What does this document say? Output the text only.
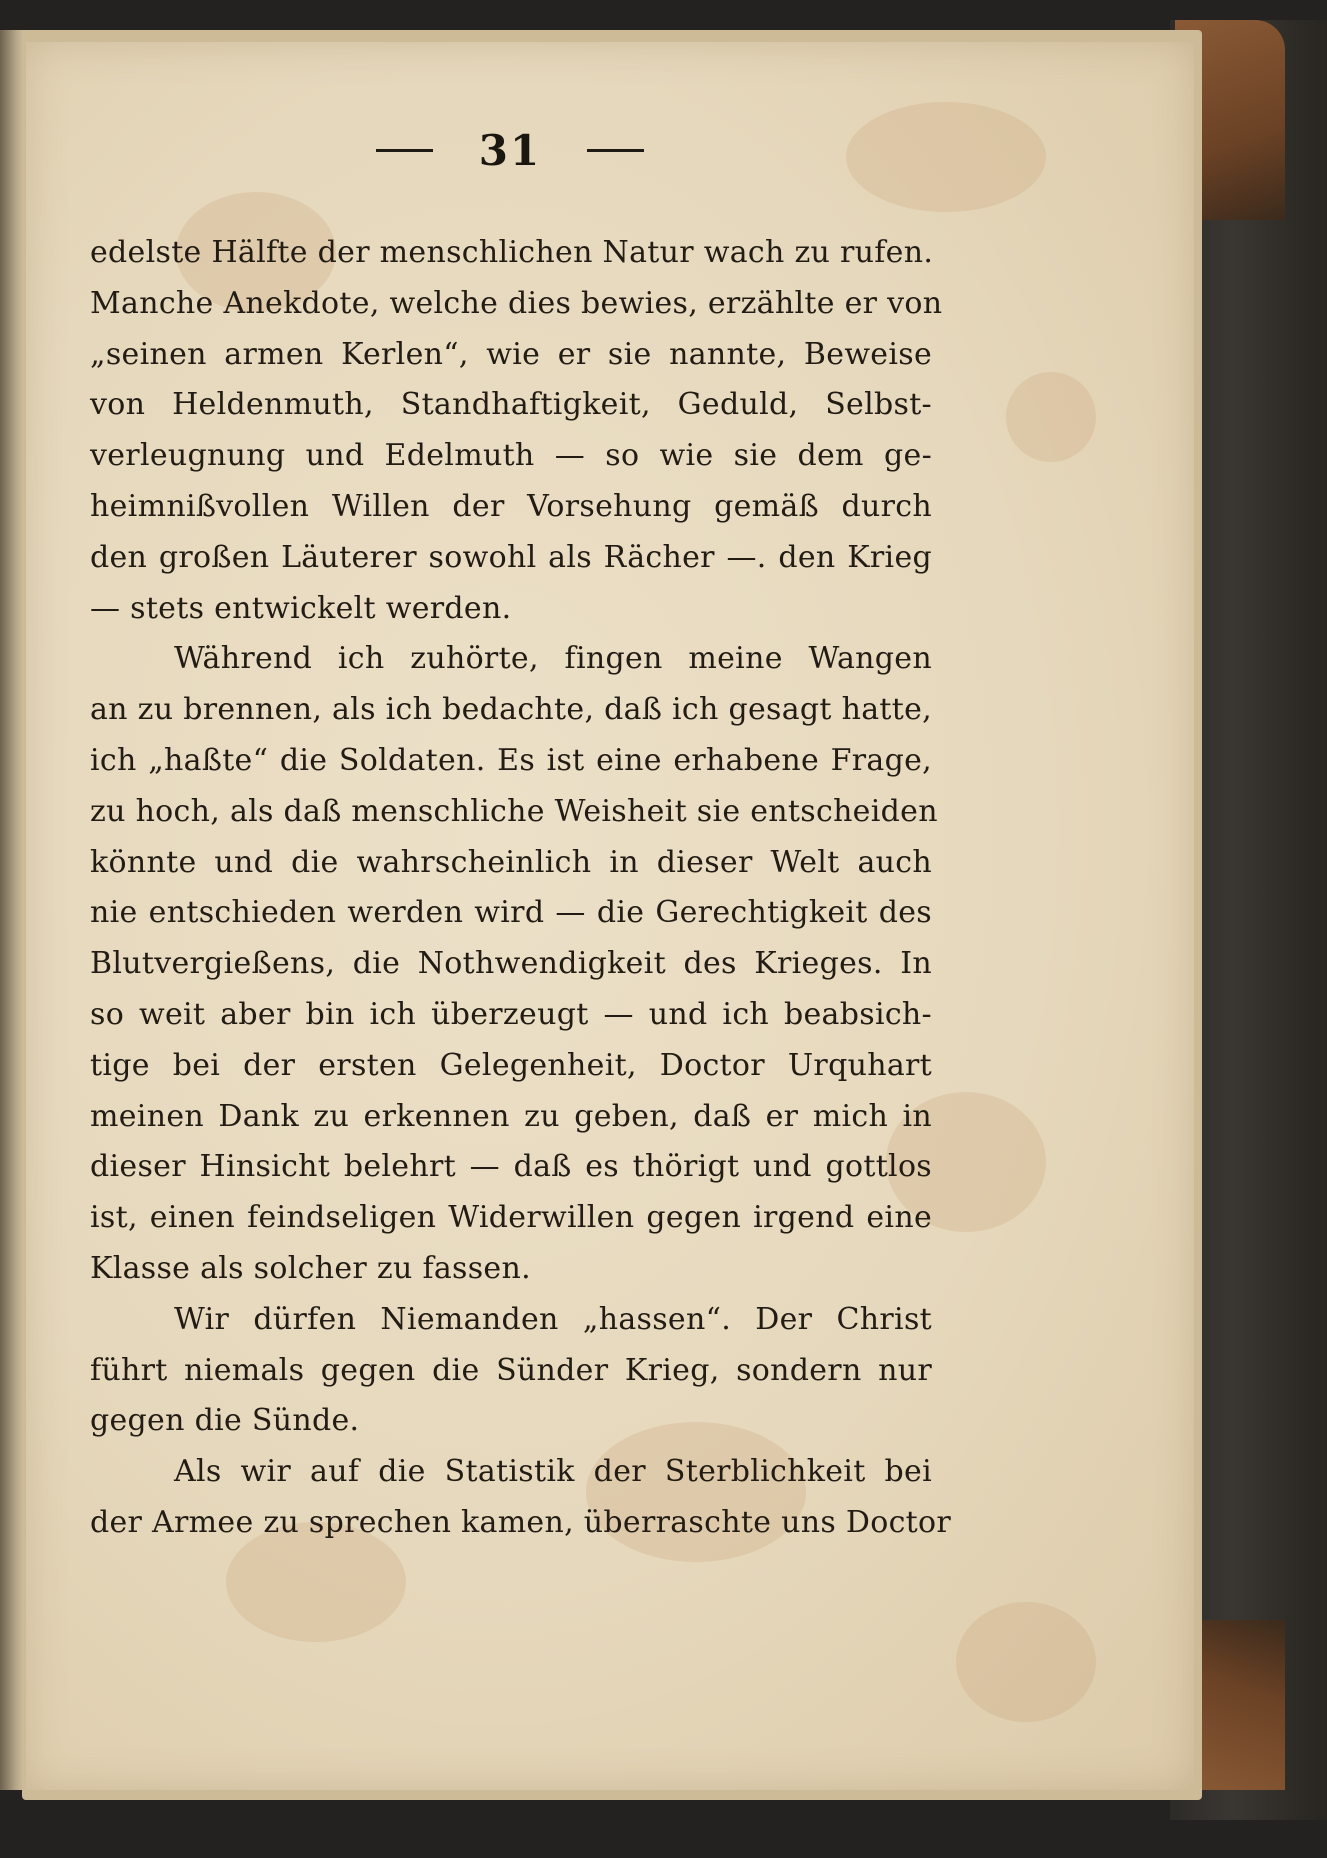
31
edelste Hälfte der menschlichen Natur wach zu rufen.
Manche Anekdote, welche dies bewies, erzählte er von
„seinen armen Kerlen“, wie er sie nannte, Beweise
von Heldenmuth, Standhaftigkeit, Geduld, Selbst-
verleugnung und Edelmuth — so wie sie dem ge-
heimnißvollen Willen der Vorsehung gemäß durch
den großen Läuterer sowohl als Rächer —. den Krieg
— stets entwickelt werden.
Während ich zuhörte, fingen meine Wangen
an zu brennen, als ich bedachte, daß ich gesagt hatte,
ich „haßte“ die Soldaten. Es ist eine erhabene Frage,
zu hoch, als daß menschliche Weisheit sie entscheiden
könnte und die wahrscheinlich in dieser Welt auch
nie entschieden werden wird — die Gerechtigkeit des
Blutvergießens, die Nothwendigkeit des Krieges. In
so weit aber bin ich überzeugt — und ich beabsich-
tige bei der ersten Gelegenheit, Doctor Urquhart
meinen Dank zu erkennen zu geben, daß er mich in
dieser Hinsicht belehrt — daß es thörigt und gottlos
ist, einen feindseligen Widerwillen gegen irgend eine
Klasse als solcher zu fassen.
Wir dürfen Niemanden „hassen“. Der Christ
führt niemals gegen die Sünder Krieg, sondern nur
gegen die Sünde.
Als wir auf die Statistik der Sterblichkeit bei
der Armee zu sprechen kamen, überraschte uns Doctor
